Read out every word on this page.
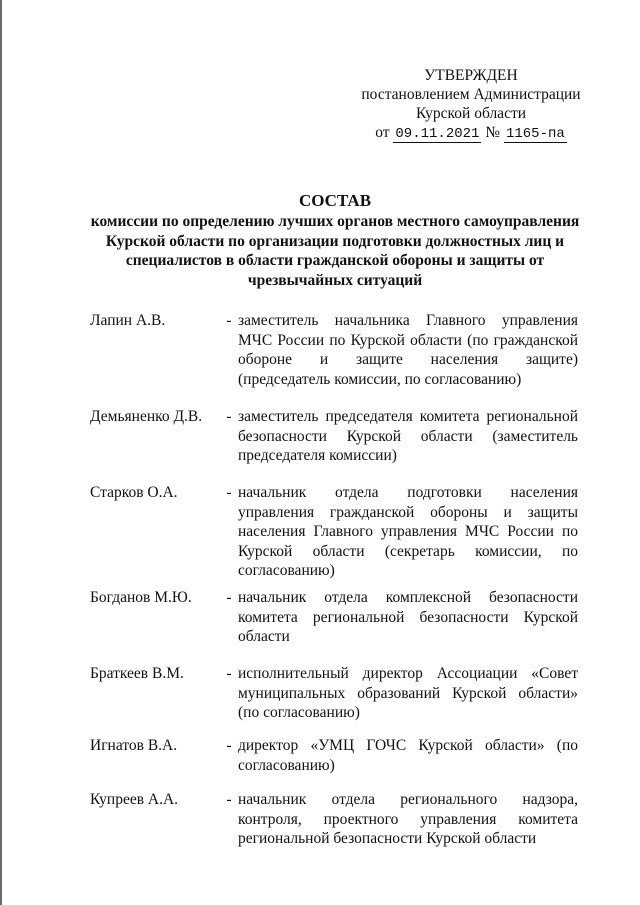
УТВЕРЖДЕН
постановлением Администрации
Курской области
от 09.11.2021 № 1165-па
СОСТАВ
комиссии по определению лучших органов местного самоуправления Курской области по организации подготовки должностных лиц и специалистов в области гражданской обороны и защиты от чрезвычайных ситуаций
Лапин А.В.	- заместитель начальника Главного управления МЧС России по Курской области (по гражданской обороне и защите населения защите) (председатель комиссии, по согласованию)
Демьяненко Д.В.	- заместитель председателя комитета региональной безопасности Курской области (заместитель председателя комиссии)
Старков О.А.	- начальник отдела подготовки населения управления гражданской обороны и защиты населения Главного управления МЧС России по Курской области (секретарь комиссии, по согласованию)
Богданов М.Ю.	- начальник отдела комплексной безопасности комитета региональной безопасности Курской области
Браткеев В.М.	- исполнительный директор Ассоциации «Совет муниципальных образований Курской области» (по согласованию)
Игнатов В.А.	- директор «УМЦ ГОЧС Курской области» (по согласованию)
Купреев А.А.	- начальник отдела регионального надзора, контроля, проектного управления комитета региональной безопасности Курской области
